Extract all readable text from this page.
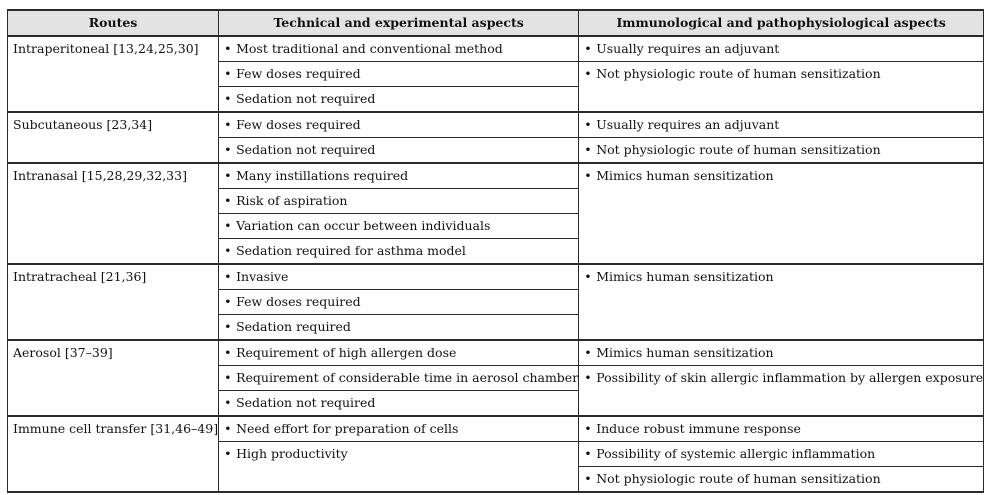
Routes	Technical and experimental aspects	Immunological and pathophysiological aspects
Intraperitoneal [13,24,25,30]	• Most traditional and conventional method	• Usually requires an adjuvant
	• Few doses required	• Not physiologic route of human sensitization
	• Sedation not required	
Subcutaneous [23,34]	• Few doses required	• Usually requires an adjuvant
	• Sedation not required	• Not physiologic route of human sensitization
Intranasal [15,28,29,32,33]	• Many instillations required	• Mimics human sensitization
	• Risk of aspiration	
	• Variation can occur between individuals	
	• Sedation required for asthma model	
Intratracheal [21,36]	• Invasive	• Mimics human sensitization
	• Few doses required	
	• Sedation required	
Aerosol [37–39]	• Requirement of high allergen dose	• Mimics human sensitization
	• Requirement of considerable time in aerosol chamber	• Possibility of skin allergic inflammation by allergen exposure
	• Sedation not required	
Immune cell transfer [31,46–49]	• Need effort for preparation of cells	• Induce robust immune response
	• High productivity	• Possibility of systemic allergic inflammation
		• Not physiologic route of human sensitization
